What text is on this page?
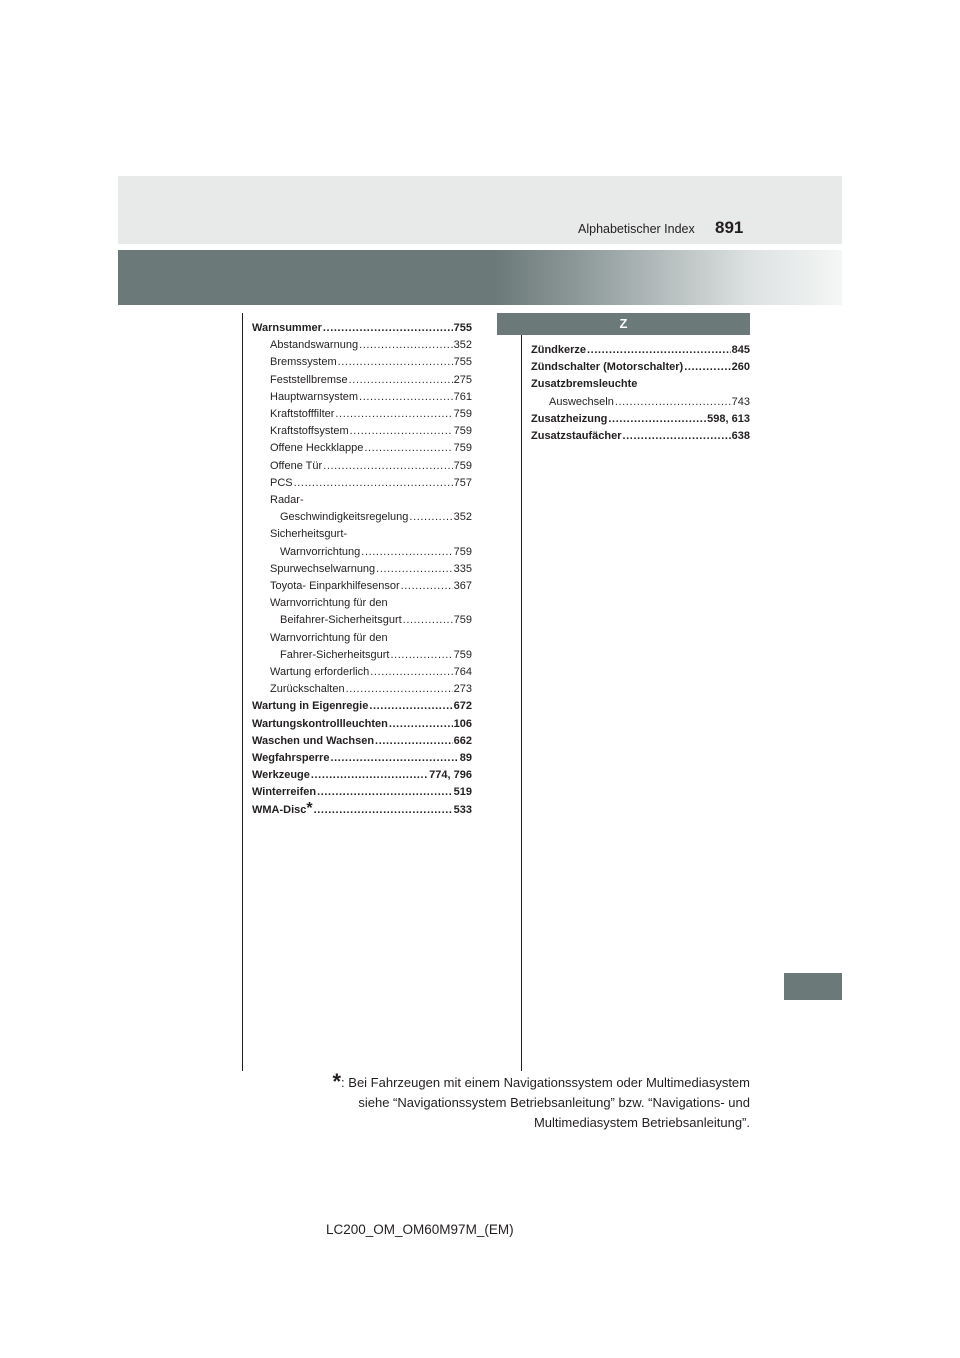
Alphabetischer Index 891
Warnsummer .....	755
Abstandswarnung .....	352
Bremssystem .....	755
Feststellbremse .....	275
Hauptwarnsystem .....	761
Kraftstofffilter .....	759
Kraftstoffsystem .....	759
Offene Heckklappe .....	759
Offene Tür .....	759
PCS .....	757
Radar-
Geschwindigkeitsregelung .....	352
Sicherheitsgurt-
Warnvorrichtung .....	759
Spurwechselwarnung .....	335
Toyota- Einparkhilfesensor .....	367
Warnvorrichtung für den
Beifahrer-Sicherheitsgurt .....	759
Warnvorrichtung für den
Fahrer-Sicherheitsgurt .....	759
Wartung erforderlich .....	764
Zurückschalten .....	273
Wartung in Eigenregie .....	672
Wartungskontrollleuchten .....	106
Waschen und Wachsen .....	662
Wegfahrsperre .....	89
Werkzeuge .....	774, 796
Winterreifen .....	519
WMA-Disc * .....	533
Z
Zündkerze .....	845
Zündschalter (Motorschalter) .....	260
Zusatzbremsleuchte
Auswechseln .....	743
Zusatzheizung .....	598, 613
Zusatzstaufächer .....	638
*: Bei Fahrzeugen mit einem Navigationssystem oder Multimediasystem
siehe “Navigationssystem Betriebsanleitung” bzw. “Navigations- und
Multimediasystem Betriebsanleitung”.
LC200_OM_OM60M97M_(EM)
